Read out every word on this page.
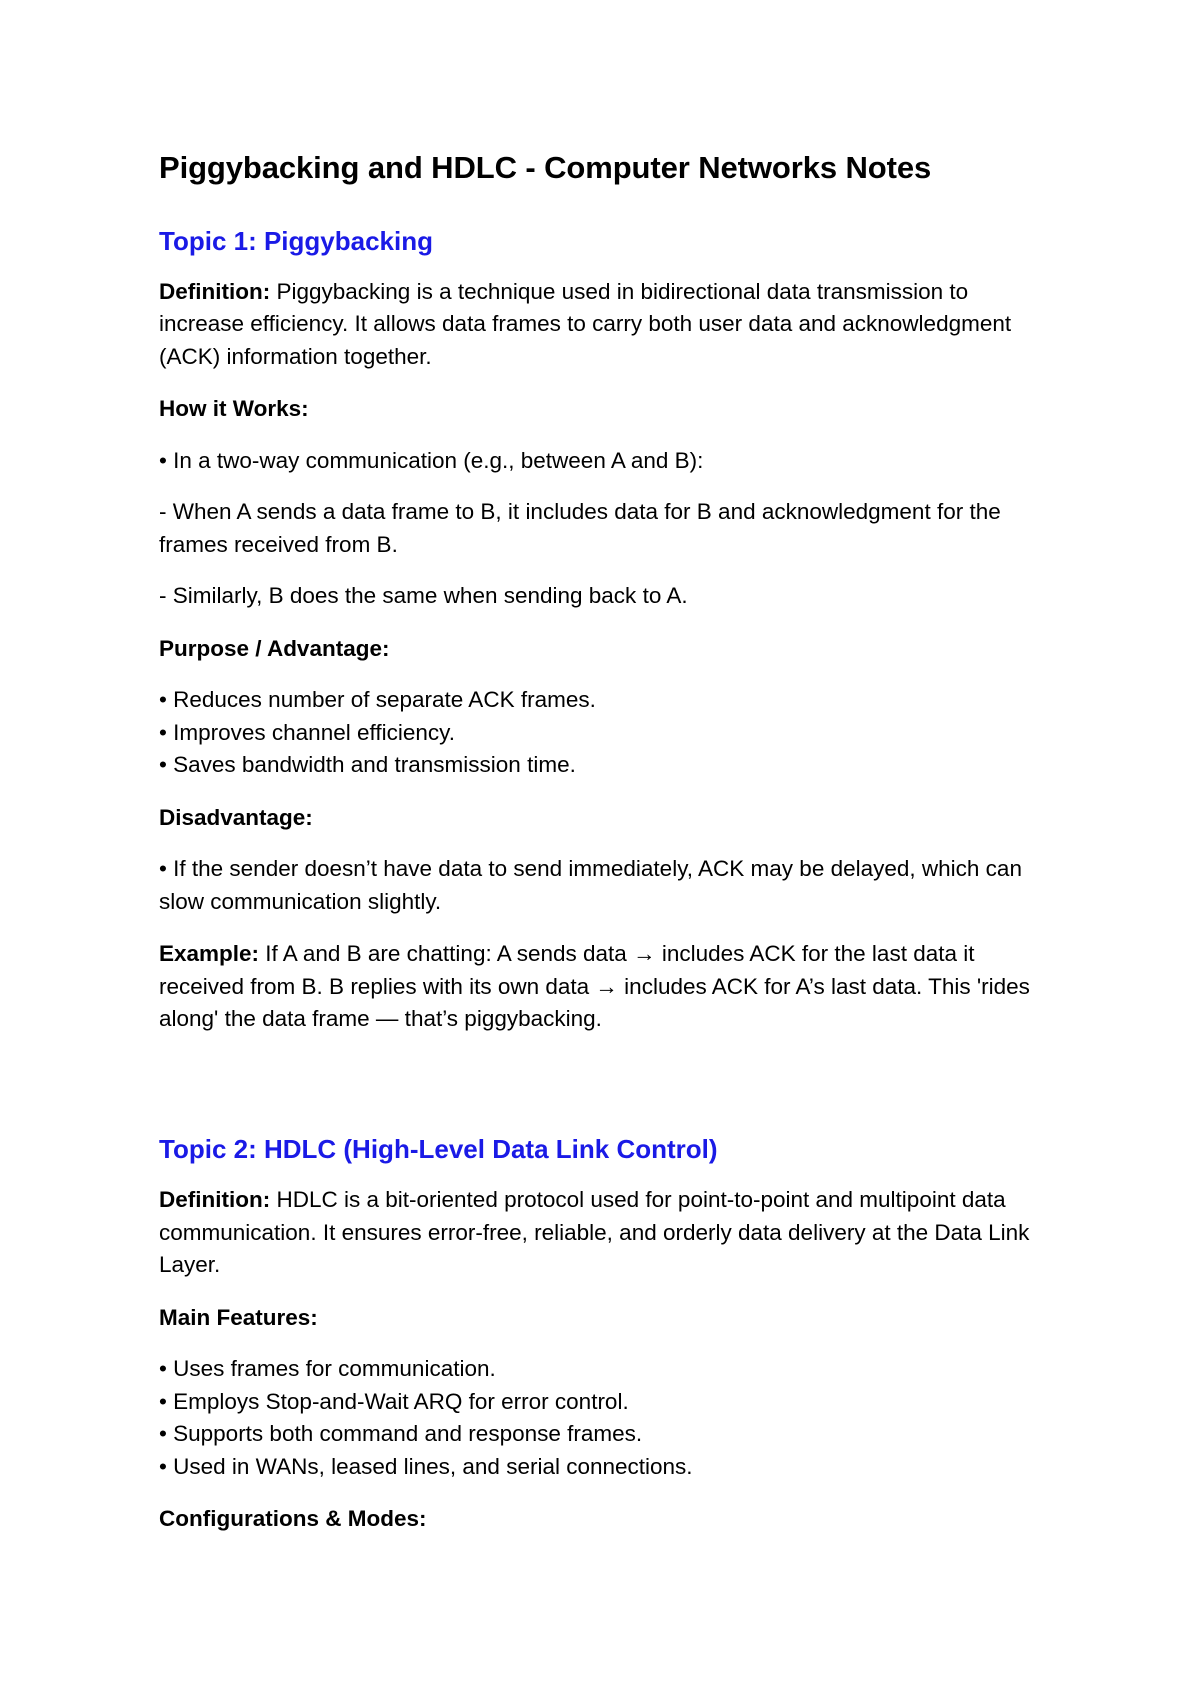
Piggybacking and HDLC - Computer Networks Notes
Topic 1: Piggybacking

Definition: Piggybacking is a technique used in bidirectional data transmission to increase efficiency. It allows data frames to carry both user data and acknowledgment (ACK) information together.

How it Works:

• In a two-way communication (e.g., between A and B):

- When A sends a data frame to B, it includes data for B and acknowledgment for the frames received from B.

- Similarly, B does the same when sending back to A.

Purpose / Advantage:

• Reduces number of separate ACK frames.
• Improves channel efficiency.
• Saves bandwidth and transmission time.

Disadvantage:

• If the sender doesn’t have data to send immediately, ACK may be delayed, which can slow communication slightly.

Example: If A and B are chatting: A sends data → includes ACK for the last data it received from B. B replies with its own data → includes ACK for A’s last data. This 'rides along' the data frame — that’s piggybacking.

Topic 2: HDLC (High-Level Data Link Control)

Definition: HDLC is a bit-oriented protocol used for point-to-point and multipoint data communication. It ensures error-free, reliable, and orderly data delivery at the Data Link Layer.

Main Features:

• Uses frames for communication.
• Employs Stop-and-Wait ARQ for error control.
• Supports both command and response frames.
• Used in WANs, leased lines, and serial connections.

Configurations & Modes:
